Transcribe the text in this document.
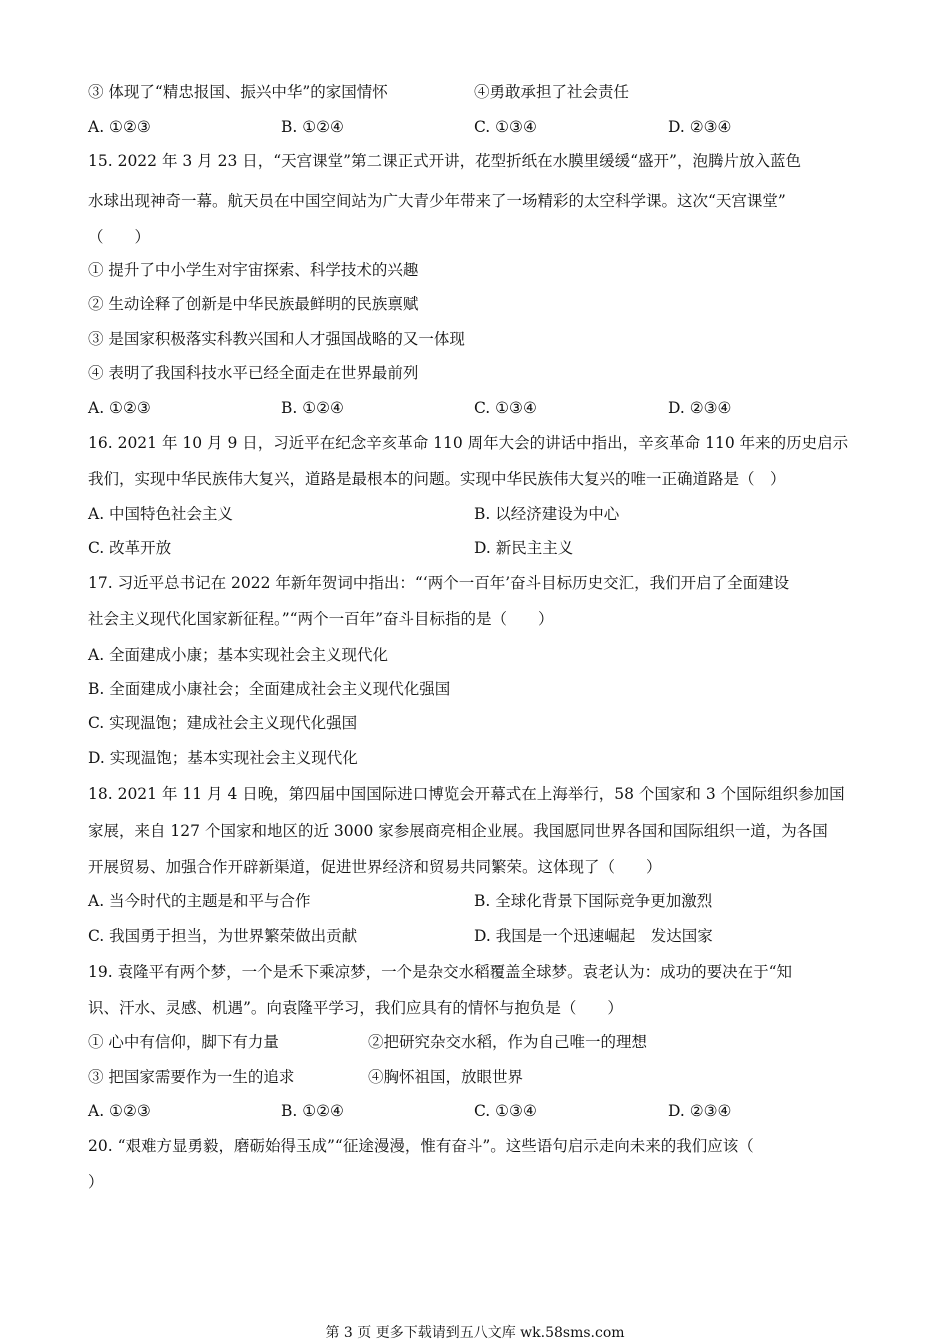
③ 体现了“精忠报国、振兴中华”的家国情怀	④勇敢承担了社会责任
A. ①②③	B. ①②④	C. ①③④	D. ②③④
15. 2022 年 3 月 23 日，“天宫课堂”第二课正式开讲，花型折纸在水膜里缓缓“盛开”，泡腾片放入蓝色
水球出现神奇一幕。航天员在中国空间站为广大青少年带来了一场精彩的太空科学课。这次“天宫课堂”
（　　）
① 提升了中小学生对宇宙探索、科学技术的兴趣
② 生动诠释了创新是中华民族最鲜明的民族禀赋
③ 是国家积极落实科教兴国和人才强国战略的又一体现
④ 表明了我国科技水平已经全面走在世界最前列
A. ①②③	B. ①②④	C. ①③④	D. ②③④
16. 2021 年 10 月 9 日，习近平在纪念辛亥革命 110 周年大会的讲话中指出，辛亥革命 110 年来的历史启示
我们，实现中华民族伟大复兴，道路是最根本的问题。实现中华民族伟大复兴的唯一正确道路是（　）
A. 中国特色社会主义	B. 以经济建设为中心
C. 改革开放	D. 新民主主义
17. 习近平总书记在 2022 年新年贺词中指出：“‘两个一百年’奋斗目标历史交汇，我们开启了全面建设
社会主义现代化国家新征程。”“两个一百年”奋斗目标指的是（　　）
A. 全面建成小康；基本实现社会主义现代化
B. 全面建成小康社会；全面建成社会主义现代化强国
C. 实现温饱；建成社会主义现代化强国
D. 实现温饱；基本实现社会主义现代化
18. 2021 年 11 月 4 日晚，第四届中国国际进口博览会开幕式在上海举行，58 个国家和 3 个国际组织参加国
家展，来自 127 个国家和地区的近 3000 家参展商亮相企业展。我国愿同世界各国和国际组织一道，为各国
开展贸易、加强合作开辟新渠道，促进世界经济和贸易共同繁荣。这体现了（　　）
A. 当今时代的主题是和平与合作	B. 全球化背景下国际竞争更加激烈
C. 我国勇于担当，为世界繁荣做出贡献	D. 我国是一个迅速崛起　发达国家
19. 袁隆平有两个梦，一个是禾下乘凉梦，一个是杂交水稻覆盖全球梦。袁老认为：成功的要决在于“知
识、汗水、灵感、机遇”。向袁隆平学习，我们应具有的情怀与抱负是（　　）
① 心中有信仰，脚下有力量	②把研究杂交水稻，作为自己唯一的理想
③ 把国家需要作为一生的追求	④胸怀祖国，放眼世界
A. ①②③	B. ①②④	C. ①③④	D. ②③④
20. “艰难方显勇毅，磨砺始得玉成”“征途漫漫，惟有奋斗”。这些语句启示走向未来的我们应该（
）
第 3 页 更多下载请到五八文库 wk.58sms.com
